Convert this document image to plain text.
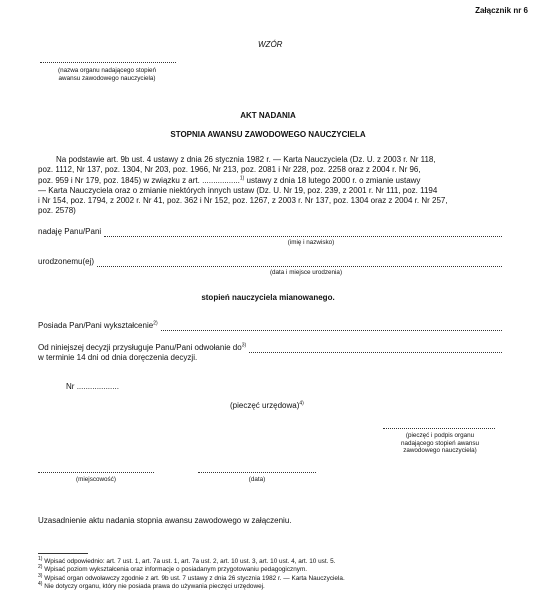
Załącznik nr 6
WZÓR
(nazwa organu nadającego stopień
awansu zawodowego nauczyciela)
AKT NADANIA
STOPNIA AWANSU ZAWODOWEGO NAUCZYCIELA
Na podstawie art. 9b ust. 4 ustawy z dnia 26 stycznia 1982 r. — Karta Nauczyciela (Dz. U. z 2003 r. Nr 118,
poz. 1112, Nr 137, poz. 1304, Nr 203, poz. 1966, Nr 213, poz. 2081 i Nr 228, poz. 2258 oraz z 2004 r. Nr 96,
poz. 959 i Nr 179, poz. 1845) w związku z art. .................$^{1)}$ ustawy z dnia 18 lutego 2000 r. o zmianie ustawy
— Karta Nauczyciela oraz o zmianie niektórych innych ustaw (Dz. U. Nr 19, poz. 239, z 2001 r. Nr 111, poz. 1194
i Nr 154, poz. 1794, z 2002 r. Nr 41, poz. 362 i Nr 152, poz. 1267, z 2003 r. Nr 137, poz. 1304 oraz z 2004 r. Nr 257,
poz. 2578)
nadaję Panu/Pani
(imię i nazwisko)
urodzonemu(ej)
(data i miejsce urodzenia)
stopień nauczyciela mianowanego.
Posiada Pan/Pani wykształcenie$^{2)}$
Od niniejszej decyzji przysługuje Panu/Pani odwołanie $do^{3)}$
w terminie 14 dni od dnia doręczenia decyzji.
Nr ...................
(pieczęć urzędowa)$^{4)}$
(pieczęć i podpis organu
nadającego stopień awansu
zawodowego nauczyciela)
(miejscowość)	(data)
Uzasadnienie aktu nadania stopnia awansu zawodowego w załączeniu.
$^{1)}$ Wpisać odpowiednio: art. 7 ust. 1, art. 7a ust. 1, art. 7a ust. 2, art. 10 ust. 3, art. 10 ust. 4, art. 10 ust. 5.
$^{2)}$ Wpisać poziom wykształcenia oraz informacje o posiadanym przygotowaniu pedagogicznym.
$^{3)}$ Wpisać organ odwoławczy zgodnie z art. 9b ust. 7 ustawy z dnia 26 stycznia 1982 r. — Karta Nauczyciela.
$^{4)}$ Nie dotyczy organu, który nie posiada prawa do używania pieczęci urzędowej.
